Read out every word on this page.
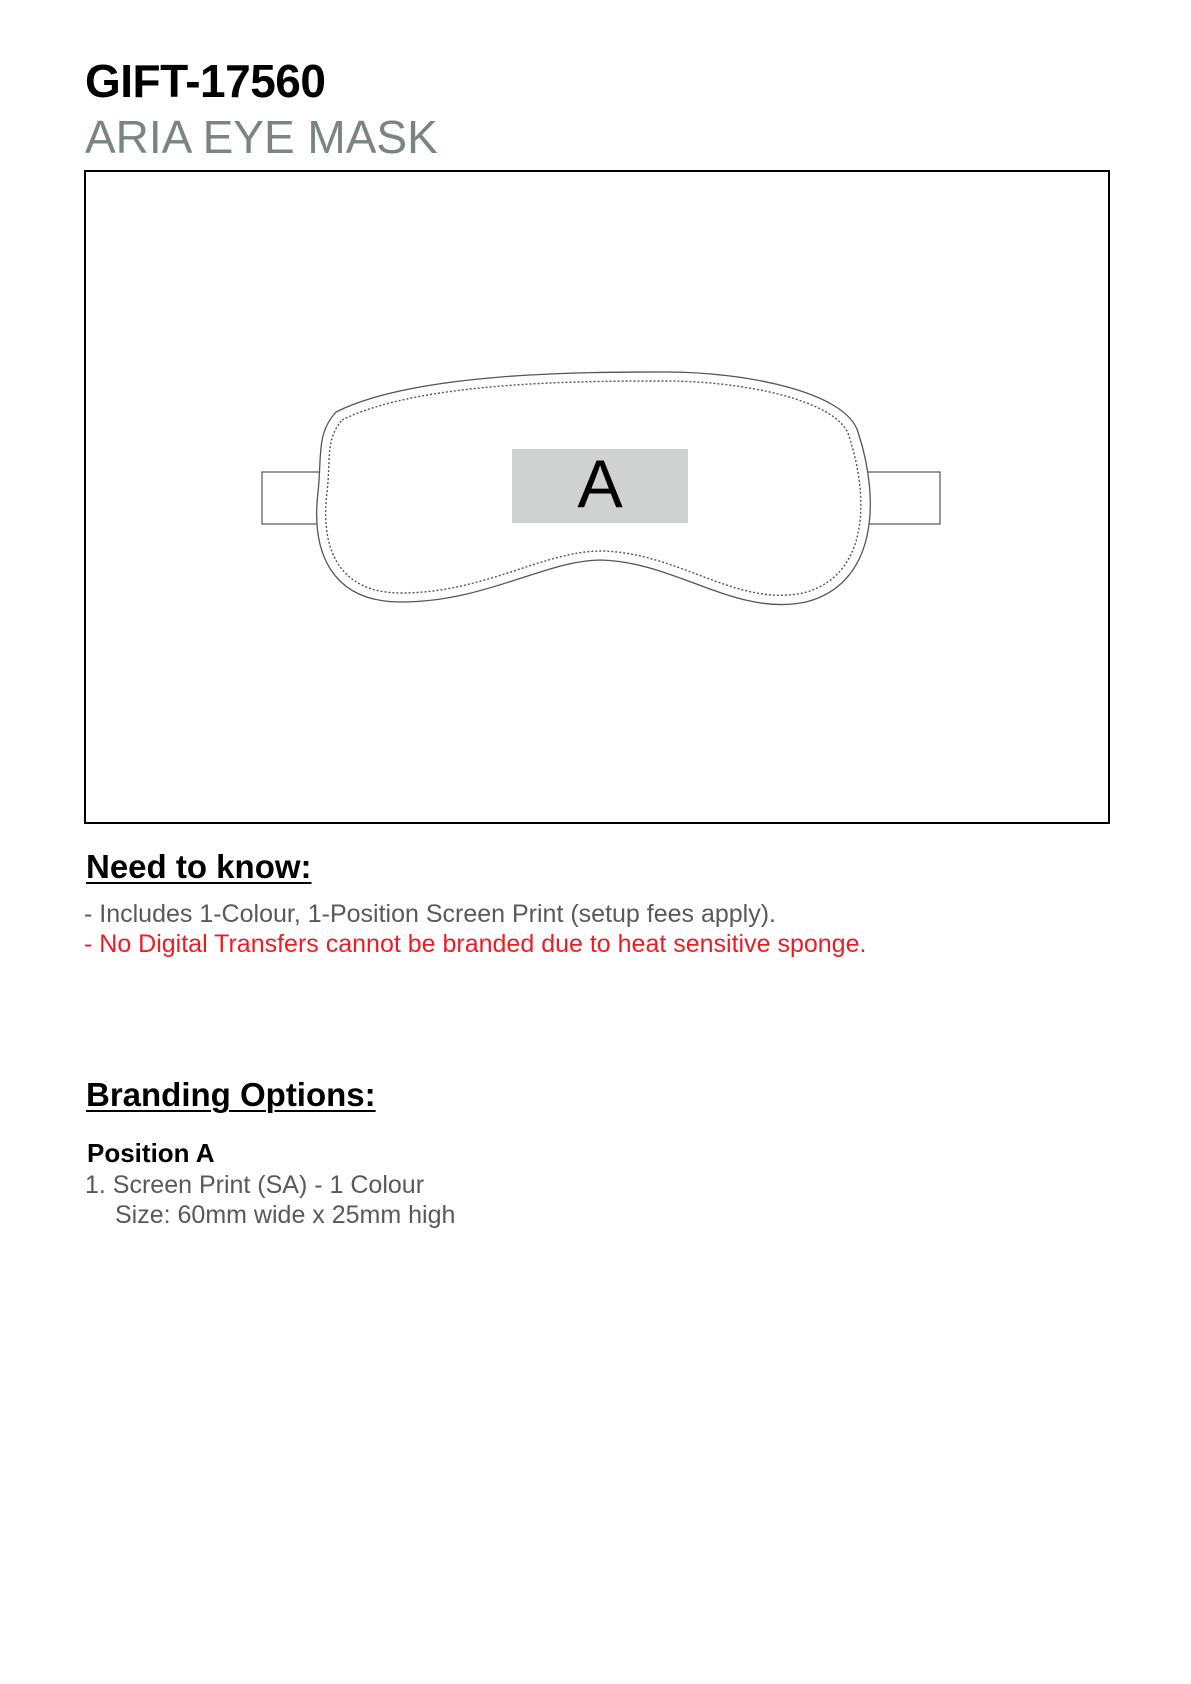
GIFT-17560
ARIA EYE MASK
A
Need to know:
- Includes 1-Colour, 1-Position Screen Print (setup fees apply).
- No Digital Transfers cannot be branded due to heat sensitive sponge.
Branding Options:
Position A
1. Screen Print (SA) - 1 Colour
Size: 60mm wide x 25mm high
